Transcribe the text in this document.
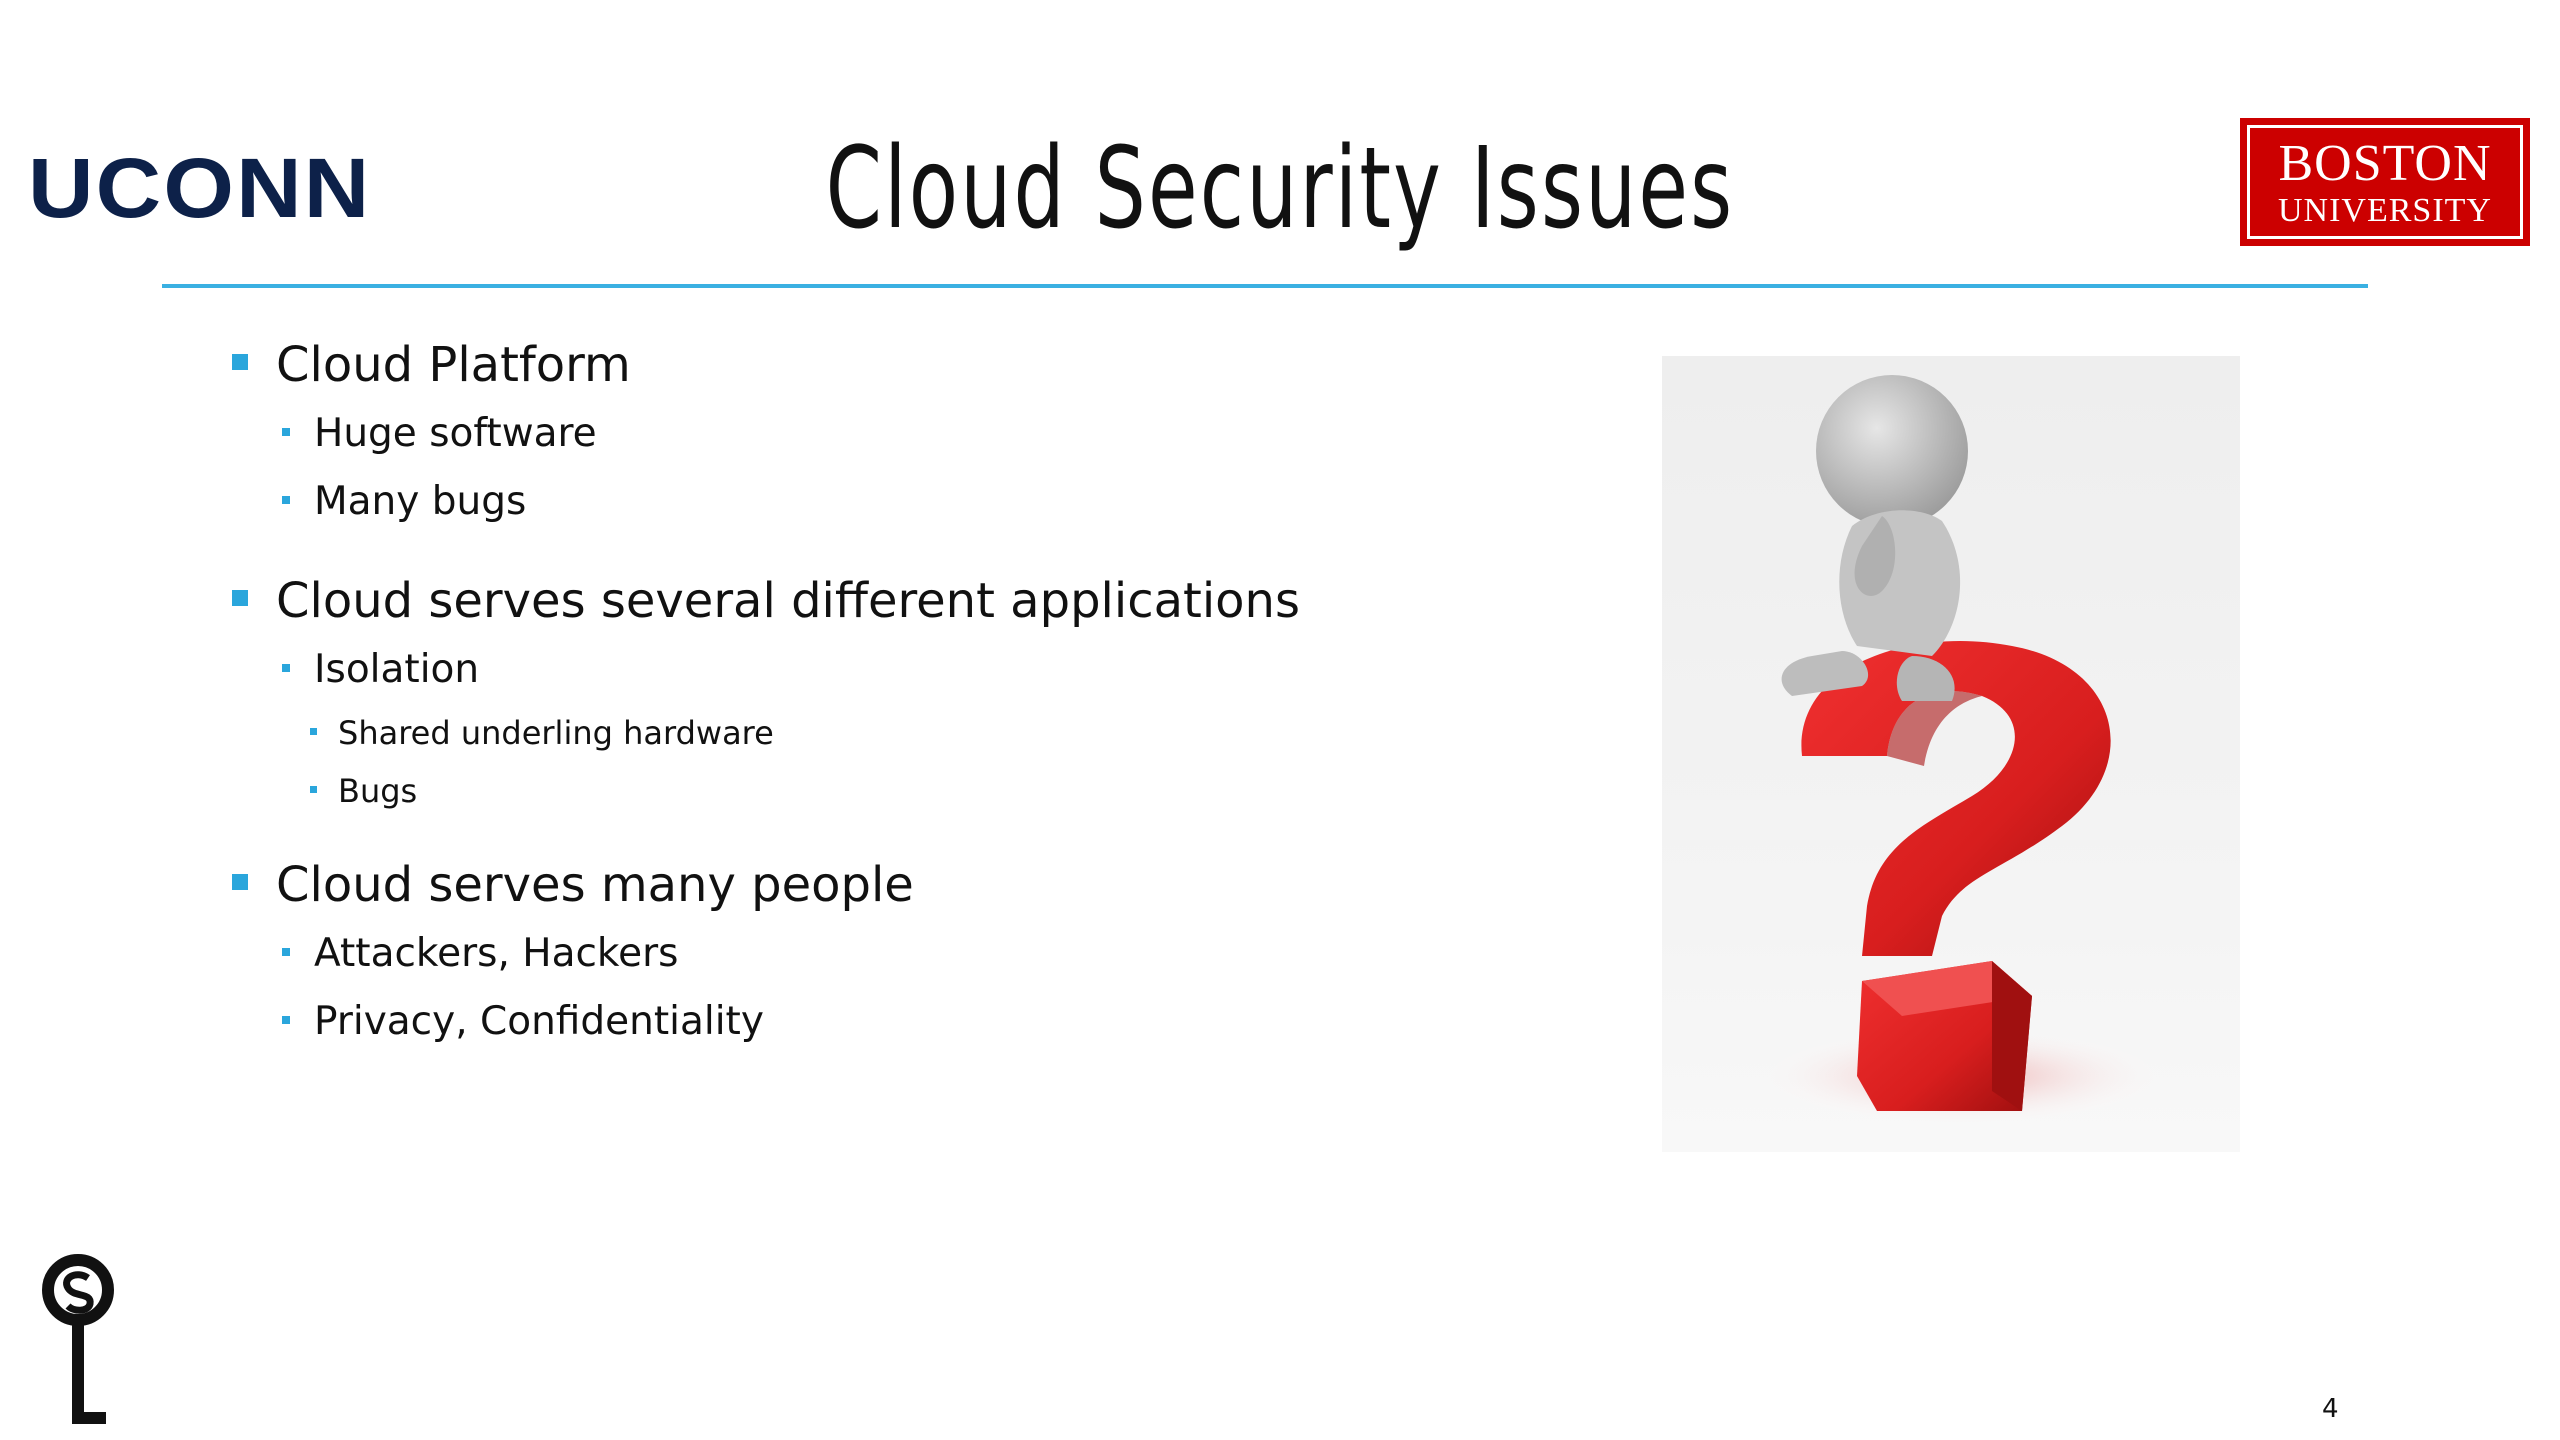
UCONN	Cloud Security Issues	BOSTON
UNIVERSITY
Cloud Platform
Huge software
Many bugs
Cloud serves several different applications
Isolation
Shared underling hardware
Bugs
Cloud serves many people
Attackers, Hackers
Privacy, Confidentiality
4
